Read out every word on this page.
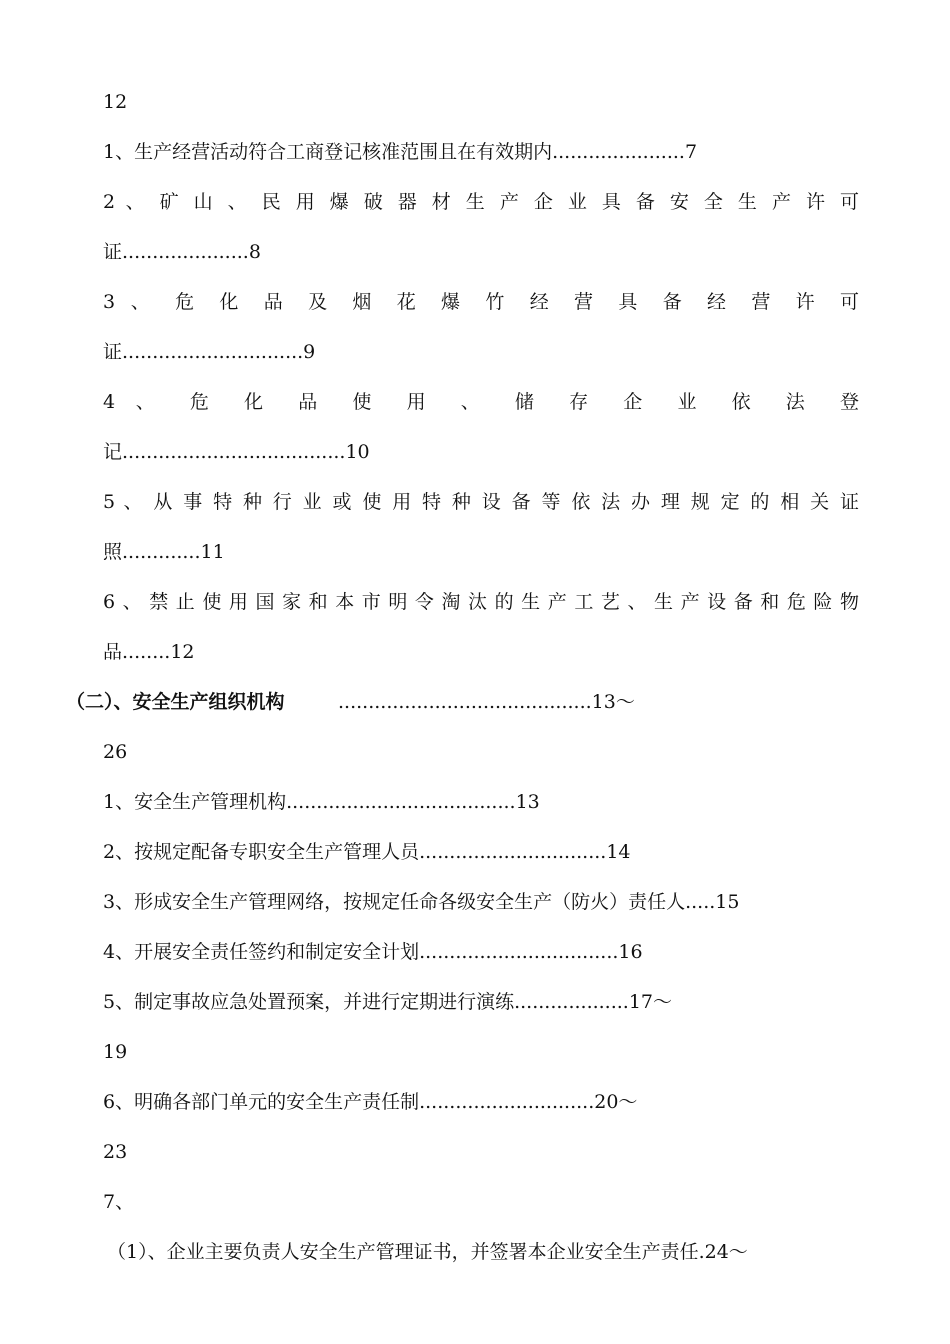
12
1、生产经营活动符合工商登记核准范围且在有效期内......................7
2 、 矿 山 、 民 用 爆 破 器 材 生 产 企 业 具 备 安 全 生 产 许 可
证.....................8
3 、 危 化 品 及 烟 花 爆 竹 经 营 具 备 经 营 许 可
证..............................9
4 、 危 化 品 使 用 、 储 存 企 业 依 法 登
记.....................................10
5 、 从 事 特 种 行 业 或 使 用 特 种 设 备 等 依 法 办 理 规 定 的 相 关 证
照.............11
6、禁止使用国家和本市明令淘汰的生产工艺、生产设备和危险物
品........12
（二）、安全生产组织机构	..........................................13～
26
1、安全生产管理机构......................................13
2、按规定配备专职安全生产管理人员...............................14
3、形成安全生产管理网络，按规定任命各级安全生产（防火）责任人.....15
4、开展安全责任签约和制定安全计划.................................16
5、制定事故应急处置预案，并进行定期进行演练...................17～
19
6、明确各部门单元的安全生产责任制.............................20～
23
7、
（1）、企业主要负责人安全生产管理证书，并签署本企业安全生产责任.24～
